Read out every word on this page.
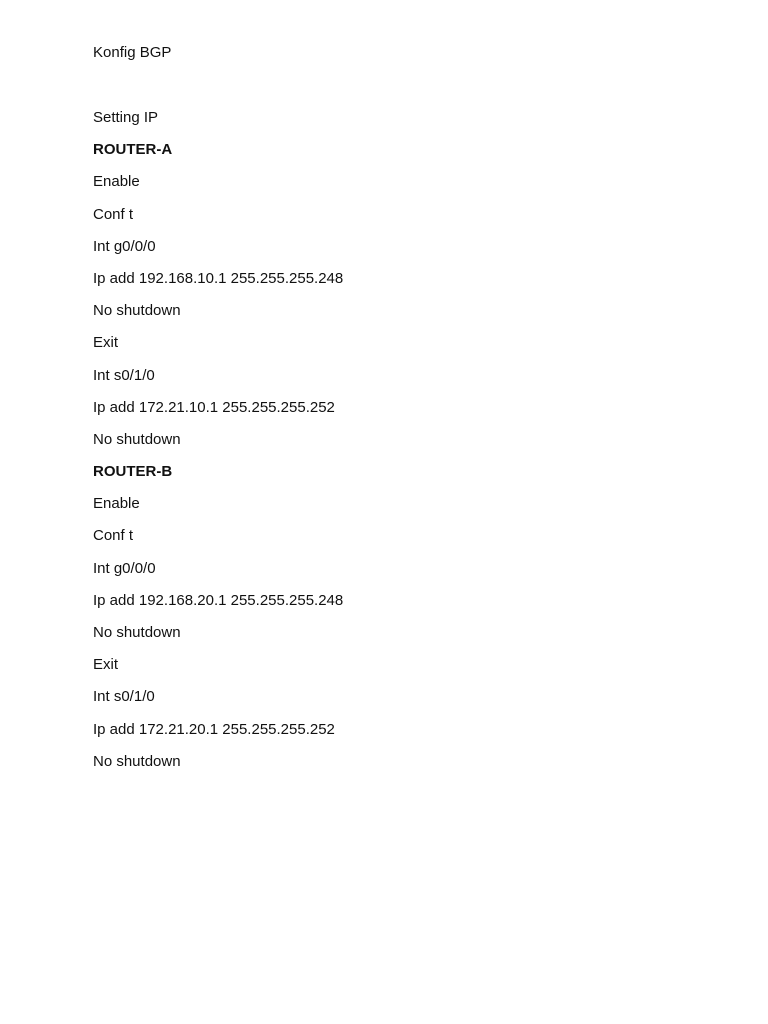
Konfig BGP
Setting IP
ROUTER-A
Enable
Conf t
Int g0/0/0
Ip add 192.168.10.1 255.255.255.248
No shutdown
Exit
Int s0/1/0
Ip add 172.21.10.1 255.255.255.252
No shutdown
ROUTER-B
Enable
Conf t
Int g0/0/0
Ip add 192.168.20.1 255.255.255.248
No shutdown
Exit
Int s0/1/0
Ip add 172.21.20.1 255.255.255.252
No shutdown
